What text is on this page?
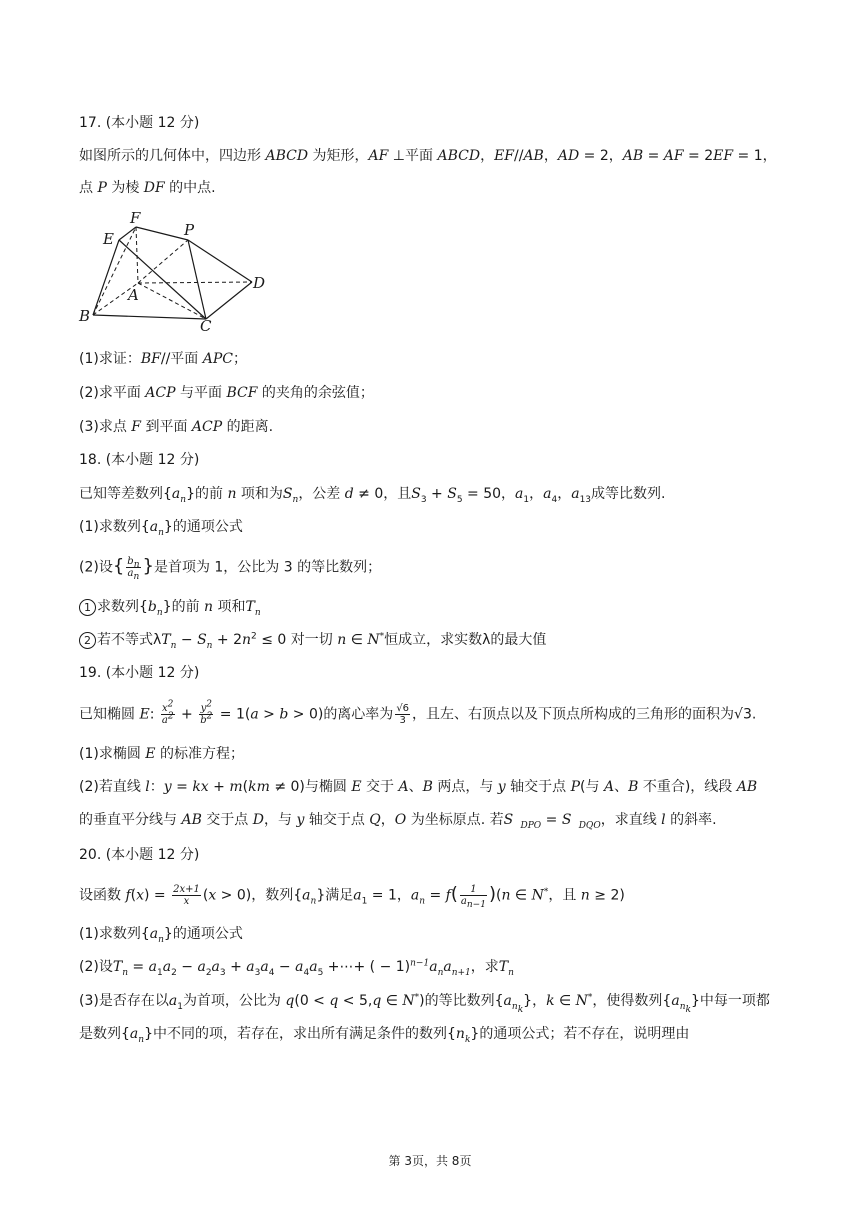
17. (本小题 12 分)
如图所示的几何体中，四边形 ABCD 为矩形，AF ⊥平面 ABCD，EF//AB，AD = 2，AB = AF = 2EF = 1，
点 P 为棱 DF 的中点.
F
E	P
A
B
C
D
(1)求证：BF//平面 APC；
(2)求平面 ACP 与平面 BCF 的夹角的余弦值；
(3)求点 F 到平面 ACP 的距离.
18. (本小题 12 分)
已知等差数列$\{a_n\}$的前 n 项和为$S_n$，公差 d ≠ 0，且$S_3 + S_5 = 50$，$a_1$，$a_4$，$a_{13}$成等比数列.
(1)求数列$\{a_n\}$的通项公式
(2)设{ $\frac{b_n}{a_n}$ }是首项为 1，公比为 3 的等比数列；
1 求数列$\{b_n\}$的前 n 项和$T_n$
2 若不等式$\lambda T_n - S_n + 2n^2 \le 0$ 对一切 n ∈ N*恒成立，求实数λ的最大值
19. (本小题 12 分)
已知椭圆 E: $\frac{x^2}{a^2} + \frac{y^2}{b^2} = 1(a > b > 0)$的离心率为 $\frac{√6}{3}$ ，且左、右顶点以及下顶点所构成的三角形的面积为√3.
(1)求椭圆 E 的标准方程；
(2)若直线 l：y = kx + m(km ≠ 0)与椭圆 E 交于 A、B 两点，与 y 轴交于点 P(与 A、B 不重合)，线段 AB
的垂直平分线与 AB 交于点 D，与 y 轴交于点 Q，O 为坐标原点. 若S  $_{DPO}$ = S  $_{DQO}$，求直线 l 的斜率.
20. (本小题 12 分)
设函数 $f(x) = \frac{2x+1}{x} (x > 0)$，数列$\{a_n\}$满足$a_1 = 1$，$a_n = f( \frac{1}{a_{n-1}} )(n$ ∈ N*，且 n ≥ 2)
(1)求数列$\{a_n\}$的通项公式
(2)设$T_n = a_1a_2 - a_2a_3 + a_3a_4 - a_4a_5$ +⋯+ ( − $1)^{n-1}a_na_{n+1}$，求$T_n$
(3)是否存在以$a_1$为首项，公比为 q(0 < q < 5,q ∈ N*)的等比数列$\{a_{n_k}\}$，k ∈ N*，使得数列$\{a_{n_k}\}$中每一项都
是数列$\{a_n\}$中不同的项，若存在，求出所有满足条件的数列$\{n_k\}$的通项公式；若不存在，说明理由
第 3页，共 8页
